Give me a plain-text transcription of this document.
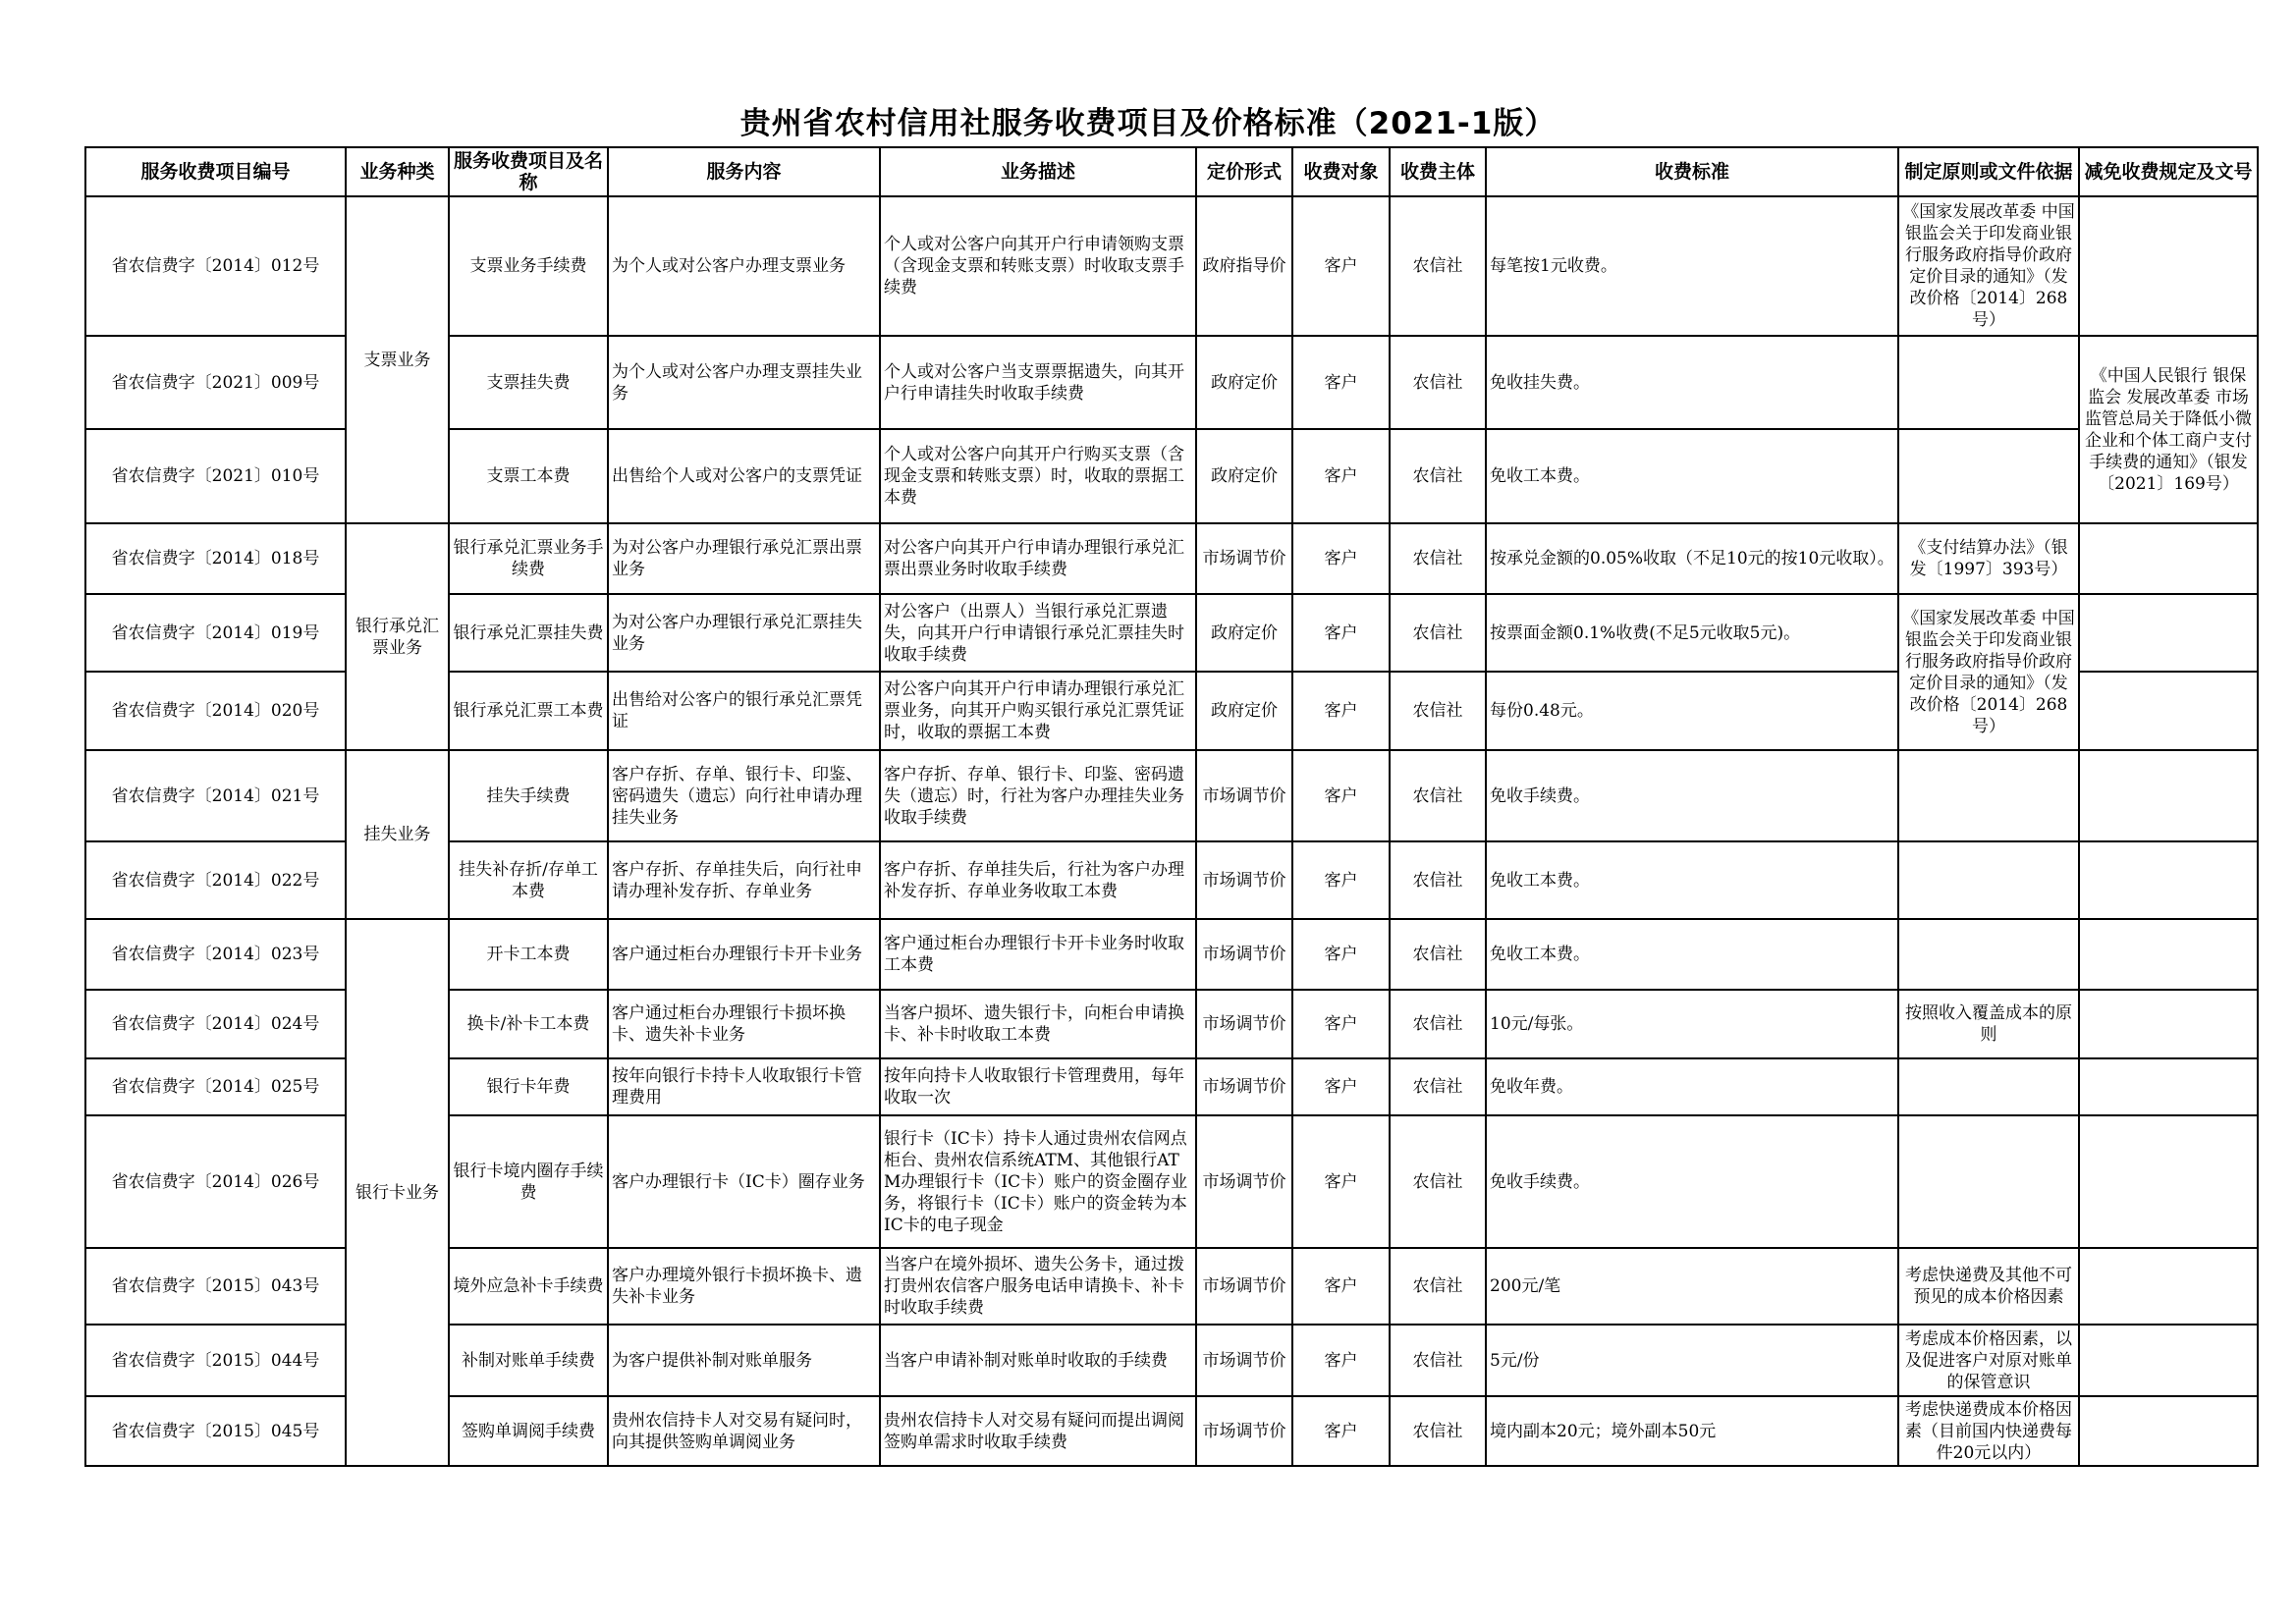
贵州省农村信用社服务收费项目及价格标准（2021-1版）
服务收费项目编号	业务种类	服务收费项目及名称	服务内容	业务描述	定价形式	收费对象	收费主体	收费标准	制定原则或文件依据	减免收费规定及文号
省农信费字〔2014〕012号	支票业务	支票业务手续费	为个人或对公客户办理支票业务	个人或对公客户向其开户行申请领购支票（含现金支票和转账支票）时收取支票手续费	政府指导价	客户	农信社	每笔按1元收费。	《国家发展改革委 中国银监会关于印发商业银行服务政府指导价政府定价目录的通知》（发改价格〔2014〕268号）	
省农信费字〔2021〕009号		支票挂失费	为个人或对公客户办理支票挂失业务	个人或对公客户当支票票据遗失，向其开户行申请挂失时收取手续费	政府定价	客户	农信社	免收挂失费。		《中国人民银行 银保监会 发展改革委 市场监管总局关于降低小微企业和个体工商户支付手续费的通知》（银发〔2021〕169号）
省农信费字〔2021〕010号		支票工本费	出售给个人或对公客户的支票凭证	个人或对公客户向其开户行购买支票（含现金支票和转账支票）时，收取的票据工本费	政府定价	客户	农信社	免收工本费。		
省农信费字〔2014〕018号	银行承兑汇票业务	银行承兑汇票业务手续费	为对公客户办理银行承兑汇票出票业务	对公客户向其开户行申请办理银行承兑汇票出票业务时收取手续费	市场调节价	客户	农信社	按承兑金额的0.05%收取（不足10元的按10元收取）。	《支付结算办法》（银发〔1997〕393号）	
省农信费字〔2014〕019号		银行承兑汇票挂失费	为对公客户办理银行承兑汇票挂失业务	对公客户（出票人）当银行承兑汇票遗失，向其开户行申请银行承兑汇票挂失时收取手续费	政府定价	客户	农信社	按票面金额0.1%收费(不足5元收取5元)。	《国家发展改革委 中国银监会关于印发商业银行服务政府指导价政府定价目录的通知》（发改价格〔2014〕268号）	
省农信费字〔2014〕020号		银行承兑汇票工本费	出售给对公客户的银行承兑汇票凭证	对公客户向其开户行申请办理银行承兑汇票业务，向其开户购买银行承兑汇票凭证时，收取的票据工本费	政府定价	客户	农信社	每份0.48元。		
省农信费字〔2014〕021号	挂失业务	挂失手续费	客户存折、存单、银行卡、印鉴、密码遗失（遗忘）向行社申请办理挂失业务	客户存折、存单、银行卡、印鉴、密码遗失（遗忘）时，行社为客户办理挂失业务收取手续费	市场调节价	客户	农信社	免收手续费。		
省农信费字〔2014〕022号		挂失补存折/存单工本费	客户存折、存单挂失后，向行社申请办理补发存折、存单业务	客户存折、存单挂失后，行社为客户办理补发存折、存单业务收取工本费	市场调节价	客户	农信社	免收工本费。		
省农信费字〔2014〕023号	银行卡业务	开卡工本费	客户通过柜台办理银行卡开卡业务	客户通过柜台办理银行卡开卡业务时收取工本费	市场调节价	客户	农信社	免收工本费。		
省农信费字〔2014〕024号		换卡/补卡工本费	客户通过柜台办理银行卡损坏换卡、遗失补卡业务	当客户损坏、遗失银行卡，向柜台申请换卡、补卡时收取工本费	市场调节价	客户	农信社	10元/每张。	按照收入覆盖成本的原则	
省农信费字〔2014〕025号		银行卡年费	按年向银行卡持卡人收取银行卡管理费用	按年向持卡人收取银行卡管理费用，每年收取一次	市场调节价	客户	农信社	免收年费。		
省农信费字〔2014〕026号		银行卡境内圈存手续费	客户办理银行卡（IC卡）圈存业务	银行卡（IC卡）持卡人通过贵州农信网点柜台、贵州农信系统ATM、其他银行ATM办理银行卡（IC卡）账户的资金圈存业务，将银行卡（IC卡）账户的资金转为本IC卡的电子现金	市场调节价	客户	农信社	免收手续费。		
省农信费字〔2015〕043号		境外应急补卡手续费	客户办理境外银行卡损坏换卡、遗失补卡业务	当客户在境外损坏、遗失公务卡，通过拨打贵州农信客户服务电话申请换卡、补卡时收取手续费	市场调节价	客户	农信社	200元/笔	考虑快递费及其他不可预见的成本价格因素	
省农信费字〔2015〕044号		补制对账单手续费	为客户提供补制对账单服务	当客户申请补制对账单时收取的手续费	市场调节价	客户	农信社	5元/份	考虑成本价格因素，以及促进客户对原对账单的保管意识	
省农信费字〔2015〕045号		签购单调阅手续费	贵州农信持卡人对交易有疑问时，向其提供签购单调阅业务	贵州农信持卡人对交易有疑问而提出调阅签购单需求时收取手续费	市场调节价	客户	农信社	境内副本20元；境外副本50元	考虑快递费成本价格因素（目前国内快递费每件20元以内）	
